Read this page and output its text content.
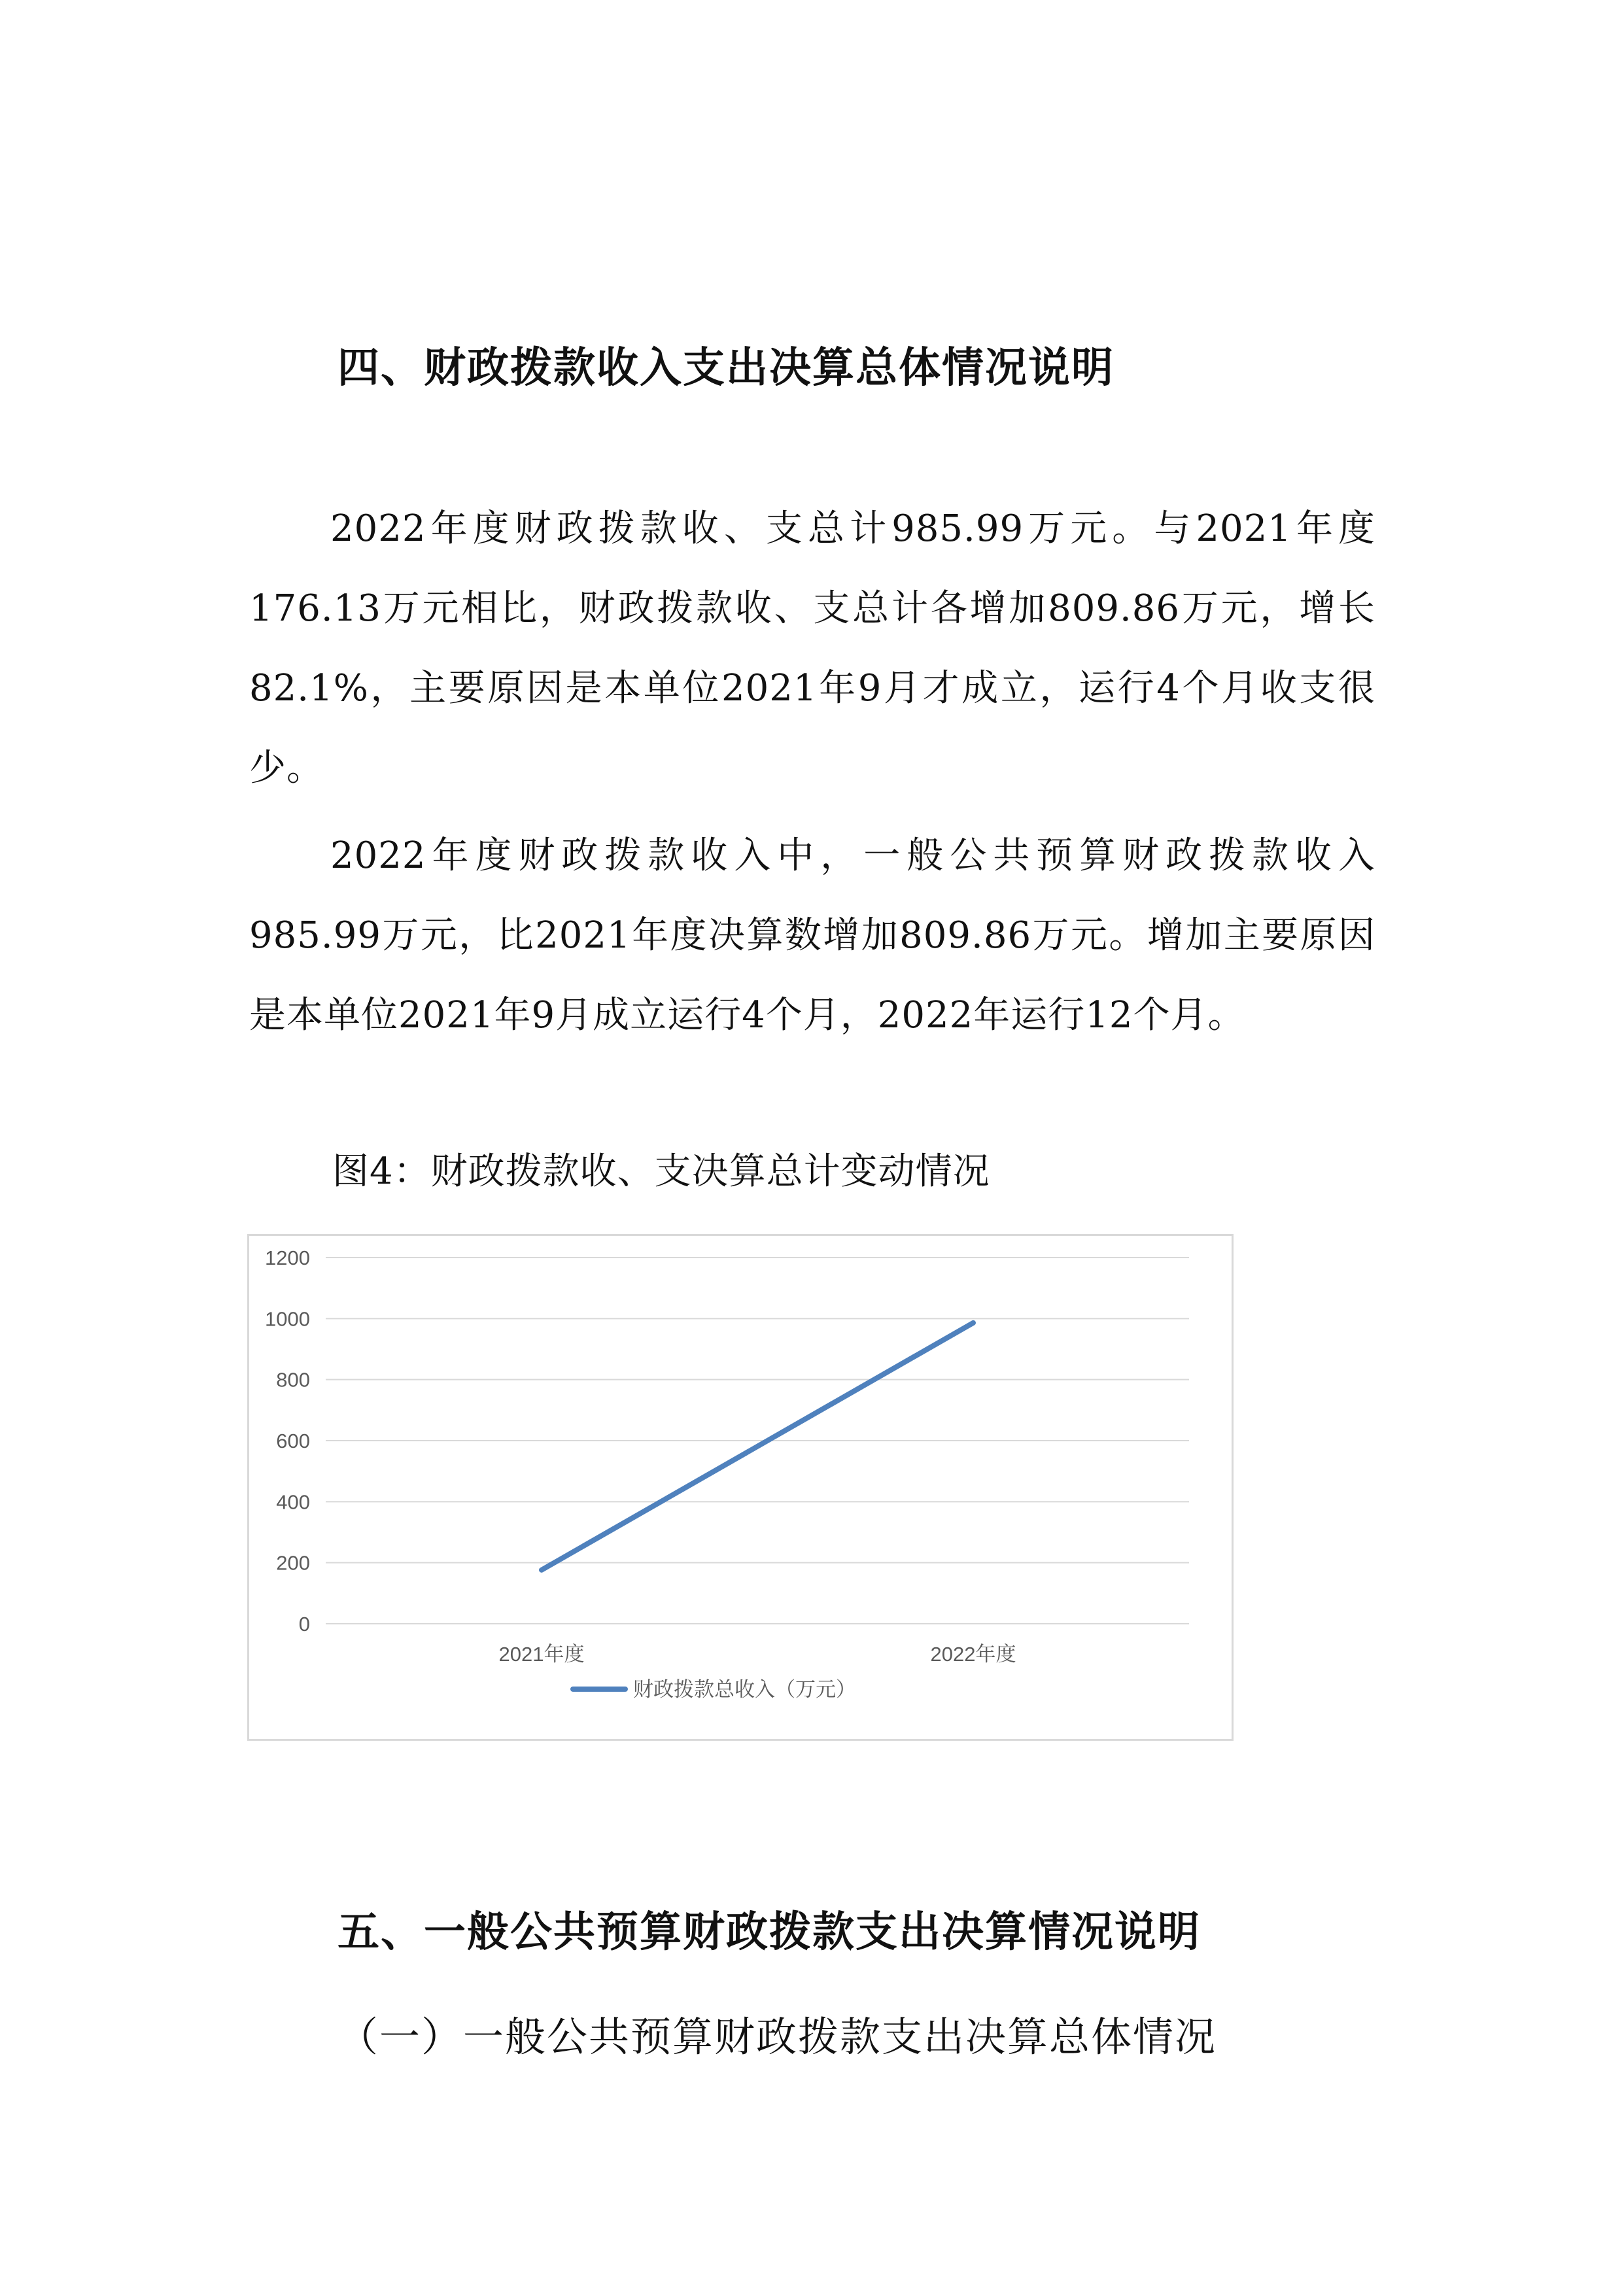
四、财政拨款收入支出决算总体情况说明

2022年度财政拨款收、支总计985.99万元。与2021年度176.13万元相比，财政拨款收、支总计各增加809.86万元，增长82.1%，主要原因是本单位2021年9月才成立，运行4个月收支很少。

2022年度财政拨款收入中，一般公共预算财政拨款收入985.99万元，比2021年度决算数增加809.86万元。增加主要原因是本单位2021年9月成立运行4个月，2022年运行12个月。

图4：财政拨款收、支决算总计变动情况
0
200
400
600
800
1000
1200
2021年度	2022年度
财政拨款总收入（万元）
五、一般公共预算财政拨款支出决算情况说明
（一）一般公共预算财政拨款支出决算总体情况
